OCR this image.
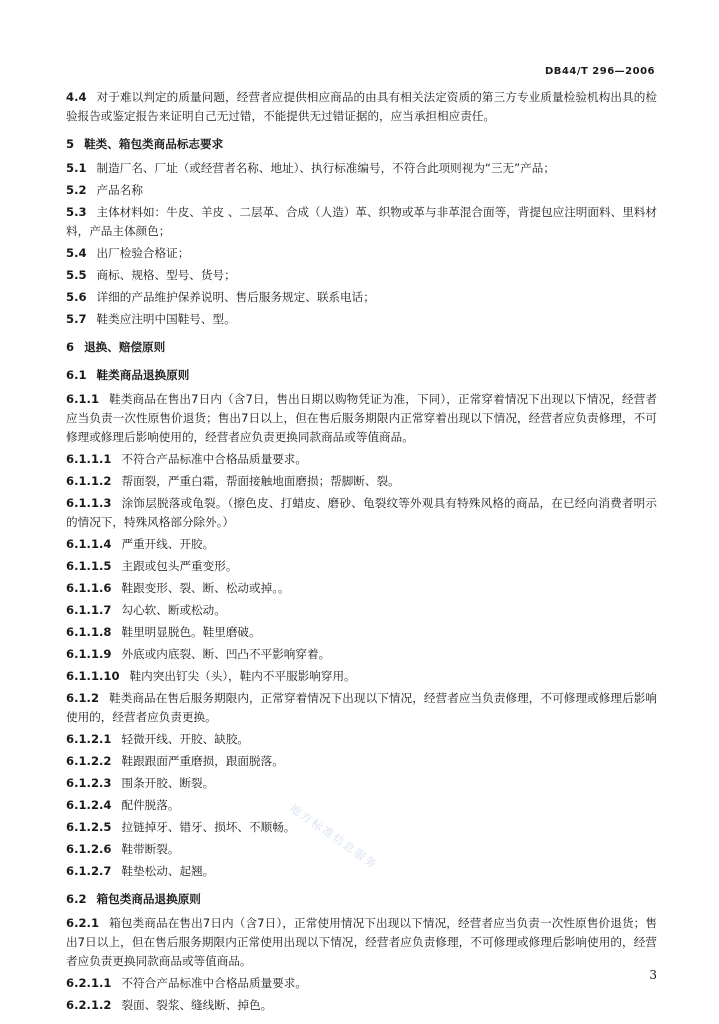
DB44/T 296—2006
4.4 对于难以判定的质量问题，经营者应提供相应商品的由具有相关法定资质的第三方专业质量检验机构出具的检验报告或鉴定报告来证明自己无过错，不能提供无过错证据的，应当承担相应责任。
5 鞋类、箱包类商品标志要求
5.1 制造厂名、厂址（或经营者名称、地址）、执行标准编号，不符合此项则视为“三无”产品；
5.2 产品名称
5.3 主体材料如：牛皮、羊皮 、二层革、合成（人造）革、织物或革与非革混合面等，背提包应注明面料、里料材料，产品主体颜色；
5.4 出厂检验合格证；
5.5 商标、规格、型号、货号；
5.6 详细的产品维护保养说明、售后服务规定、联系电话；
5.7 鞋类应注明中国鞋号、型。
6 退换、赔偿原则
6.1 鞋类商品退换原则
6.1.1 鞋类商品在售出7日内（含7日，售出日期以购物凭证为准，下同），正常穿着情况下出现以下情况，经营者应当负责一次性原售价退货；售出7日以上，但在售后服务期限内正常穿着出现以下情况，经营者应负责修理，不可修理或修理后影响使用的，经营者应负责更换同款商品或等值商品。
6.1.1.1 不符合产品标准中合格品质量要求。
6.1.1.2 帮面裂，严重白霜，帮面接触地面磨损；帮脚断、裂。
6.1.1.3 涂饰层脱落或龟裂。（擦色皮、打蜡皮、磨砂、龟裂纹等外观具有特殊风格的商品，在已经向消费者明示的情况下，特殊风格部分除外。）
6.1.1.4 严重开线、开胶。
6.1.1.5 主跟或包头严重变形。
6.1.1.6 鞋跟变形、裂、断、松动或掉。。
6.1.1.7 勾心软、断或松动。
6.1.1.8 鞋里明显脱色。鞋里磨破。
6.1.1.9 外底或内底裂、断、凹凸不平影响穿着。
6.1.1.10 鞋内突出钉尖（头），鞋内不平服影响穿用。
6.1.2 鞋类商品在售后服务期限内，正常穿着情况下出现以下情况，经营者应当负责修理，不可修理或修理后影响使用的，经营者应负责更换。
6.1.2.1 轻微开线、开胶、缺胶。
6.1.2.2 鞋跟跟面严重磨损，跟面脱落。
6.1.2.3 围条开胶、断裂。
6.1.2.4 配件脱落。
6.1.2.5 拉链掉牙、错牙、损坏、不顺畅。
6.1.2.6 鞋带断裂。
6.1.2.7 鞋垫松动、起翘。
6.2 箱包类商品退换原则
6.2.1 箱包类商品在售出7日内（含7日），正常使用情况下出现以下情况，经营者应当负责一次性原售价退货；售出7日以上，但在售后服务期限内正常使用出现以下情况，经营者应负责修理，不可修理或修理后影响使用的，经营者应负责更换同款商品或等值商品。
6.2.1.1 不符合产品标准中合格品质量要求。
6.2.1.2 裂面、裂浆、缝线断、掉色。
地方标准信息服务
3
